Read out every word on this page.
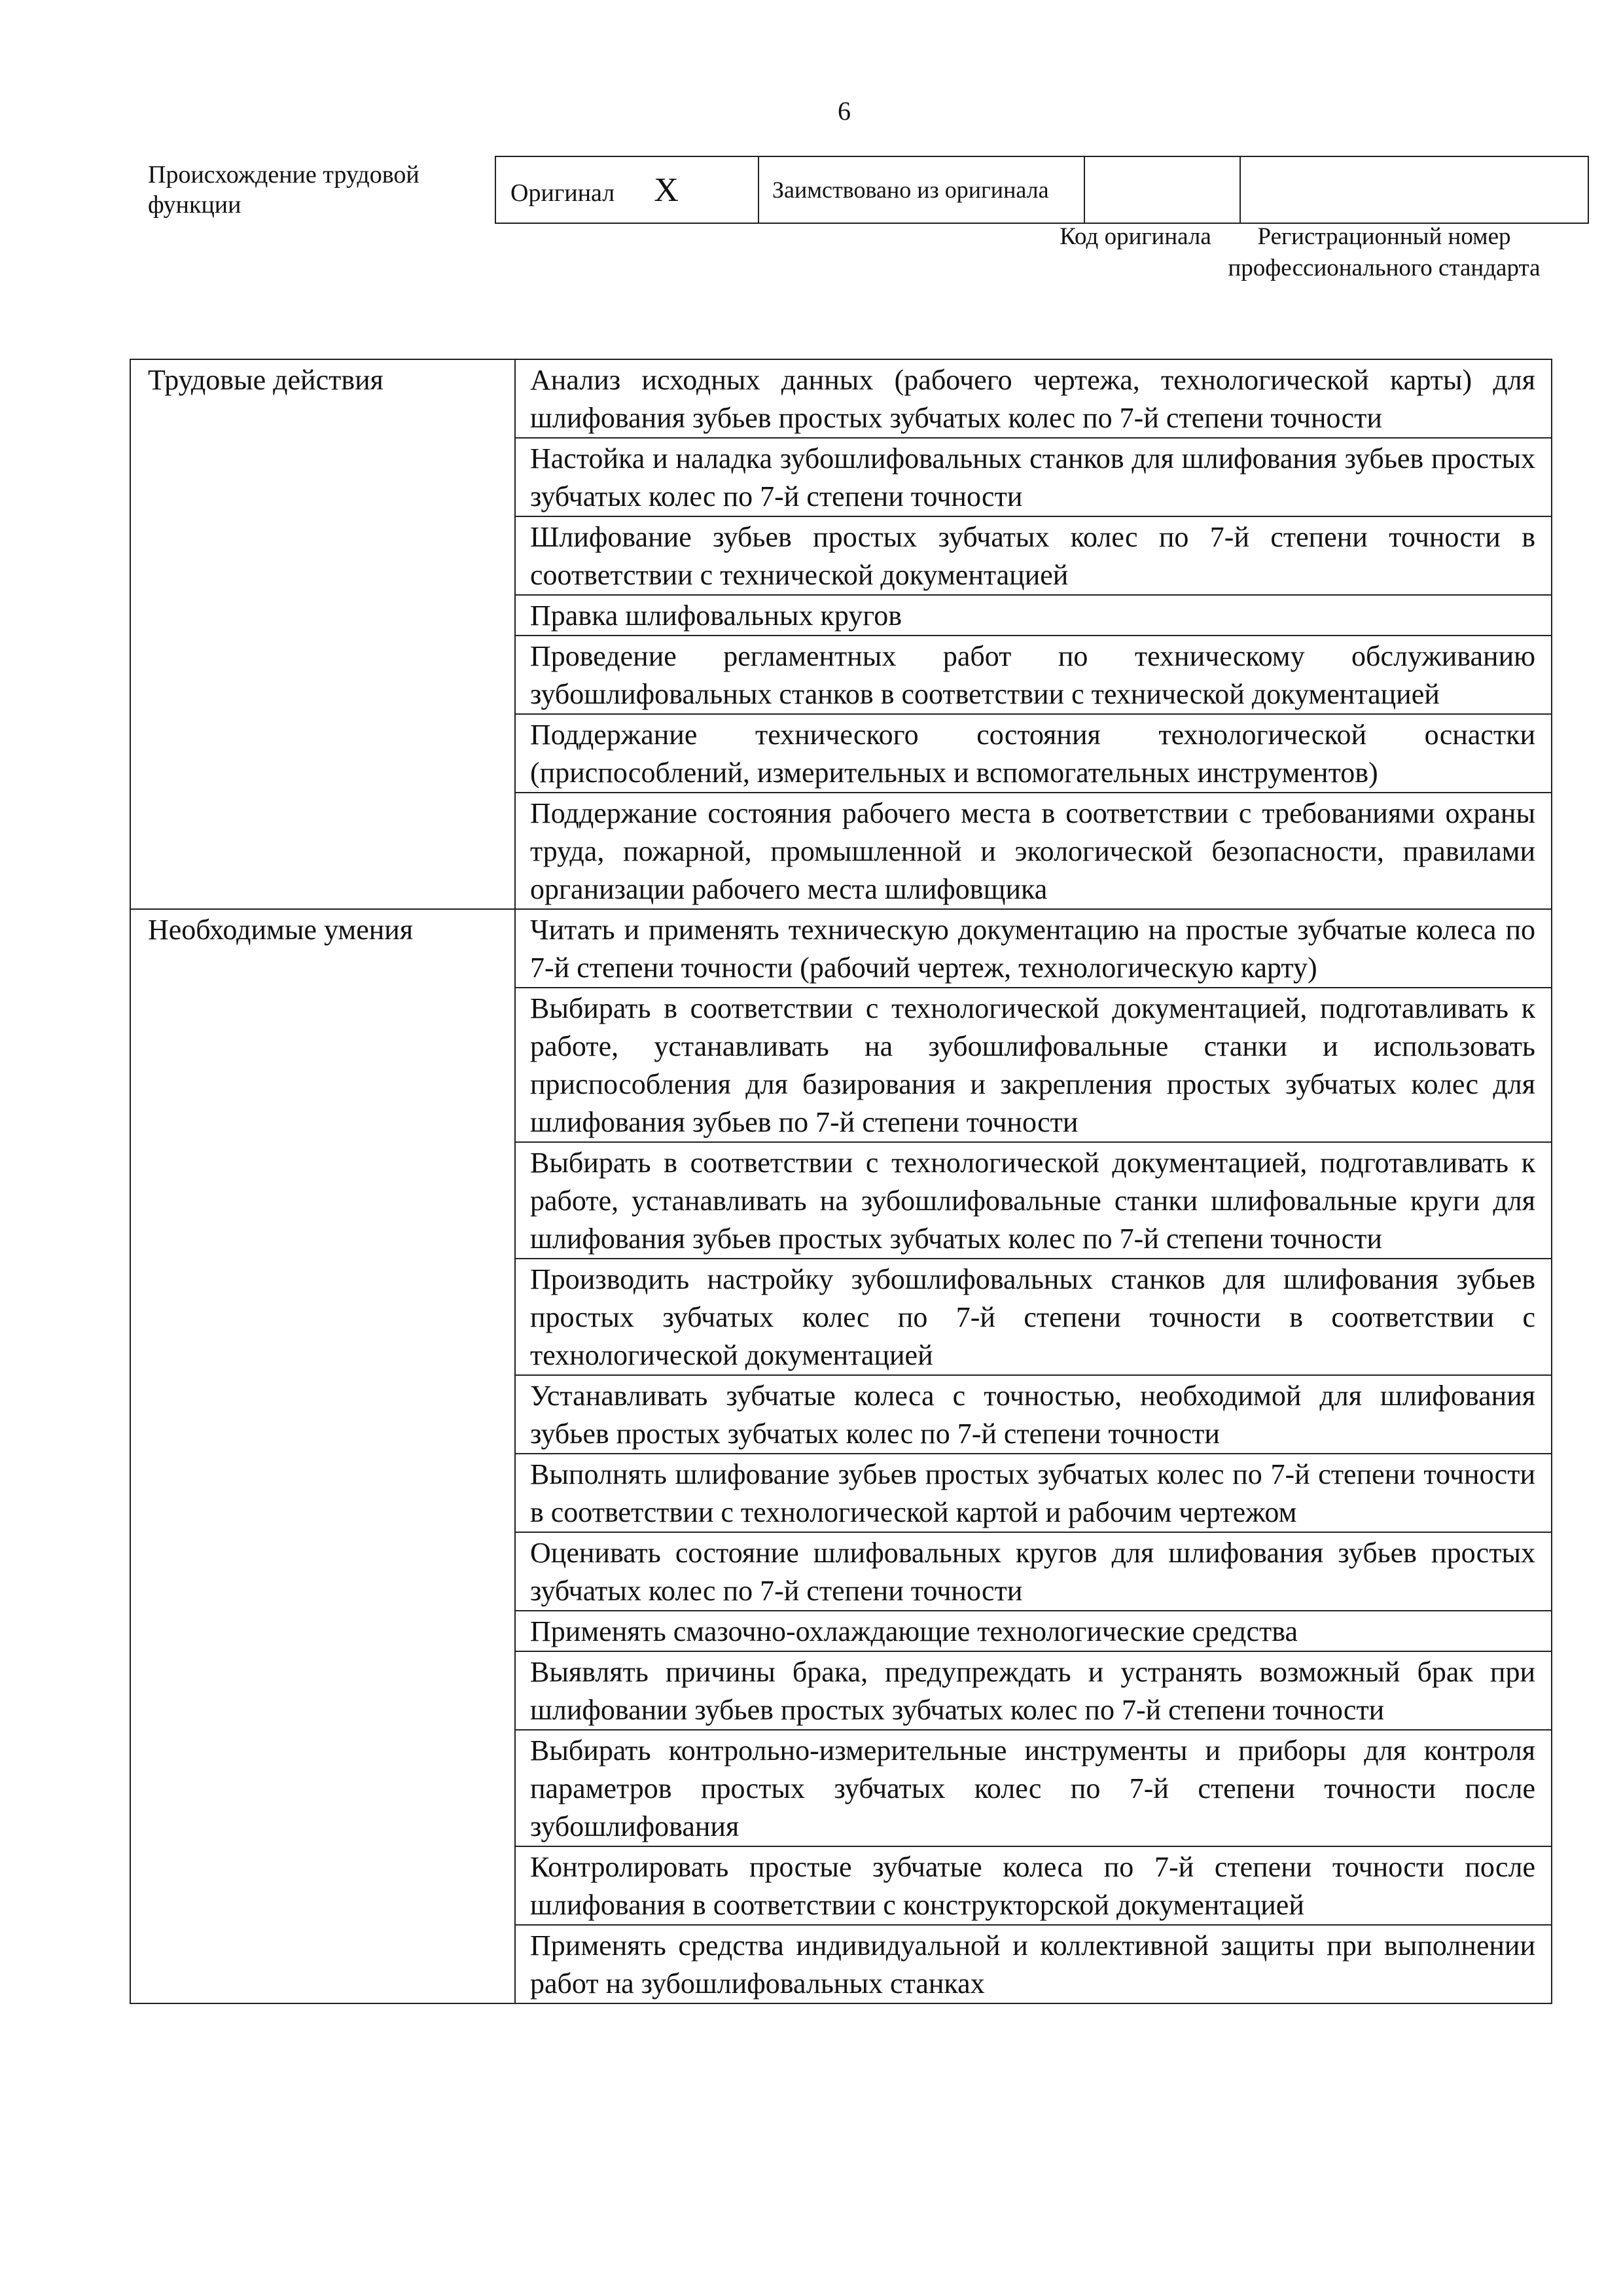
6
Происхождение трудовой функции	Оригинал X	Заимствовано из оригинала		
Код оригинала	Регистрационный номер профессионального стандарта
Трудовые действия	Анализ исходных данных (рабочего чертежа, технологической карты) для шлифования зубьев простых зубчатых колес по 7-й степени точности
	Настойка и наладка зубошлифовальных станков для шлифования зубьев простых зубчатых колес по 7-й степени точности
	Шлифование зубьев простых зубчатых колес по 7-й степени точности в соответствии с технической документацией
	Правка шлифовальных кругов
	Проведение регламентных работ по техническому обслуживанию зубошлифовальных станков в соответствии с технической документацией
	Поддержание технического состояния технологической оснастки (приспособлений, измерительных и вспомогательных инструментов)
	Поддержание состояния рабочего места в соответствии с требованиями охраны труда, пожарной, промышленной и экологической безопасности, правилами организации рабочего места шлифовщика
Необходимые умения	Читать и применять техническую документацию на простые зубчатые колеса по 7-й степени точности (рабочий чертеж, технологическую карту)
	Выбирать в соответствии с технологической документацией, подготавливать к работе, устанавливать на зубошлифовальные станки и использовать приспособления для базирования и закрепления простых зубчатых колес для шлифования зубьев по 7-й степени точности
	Выбирать в соответствии с технологической документацией, подготавливать к работе, устанавливать на зубошлифовальные станки шлифовальные круги для шлифования зубьев простых зубчатых колес по 7-й степени точности
	Производить настройку зубошлифовальных станков для шлифования зубьев простых зубчатых колес по 7-й степени точности в соответствии с технологической документацией
	Устанавливать зубчатые колеса с точностью, необходимой для шлифования зубьев простых зубчатых колес по 7-й степени точности
	Выполнять шлифование зубьев простых зубчатых колес по 7-й степени точности в соответствии с технологической картой и рабочим чертежом
	Оценивать состояние шлифовальных кругов для шлифования зубьев простых зубчатых колес по 7-й степени точности
	Применять смазочно-охлаждающие технологические средства
	Выявлять причины брака, предупреждать и устранять возможный брак при шлифовании зубьев простых зубчатых колес по 7-й степени точности
	Выбирать контрольно-измерительные инструменты и приборы для контроля параметров простых зубчатых колес по 7-й степени точности после зубошлифования
	Контролировать простые зубчатые колеса по 7-й степени точности после шлифования в соответствии с конструкторской документацией
	Применять средства индивидуальной и коллективной защиты при выполнении работ на зубошлифовальных станках
